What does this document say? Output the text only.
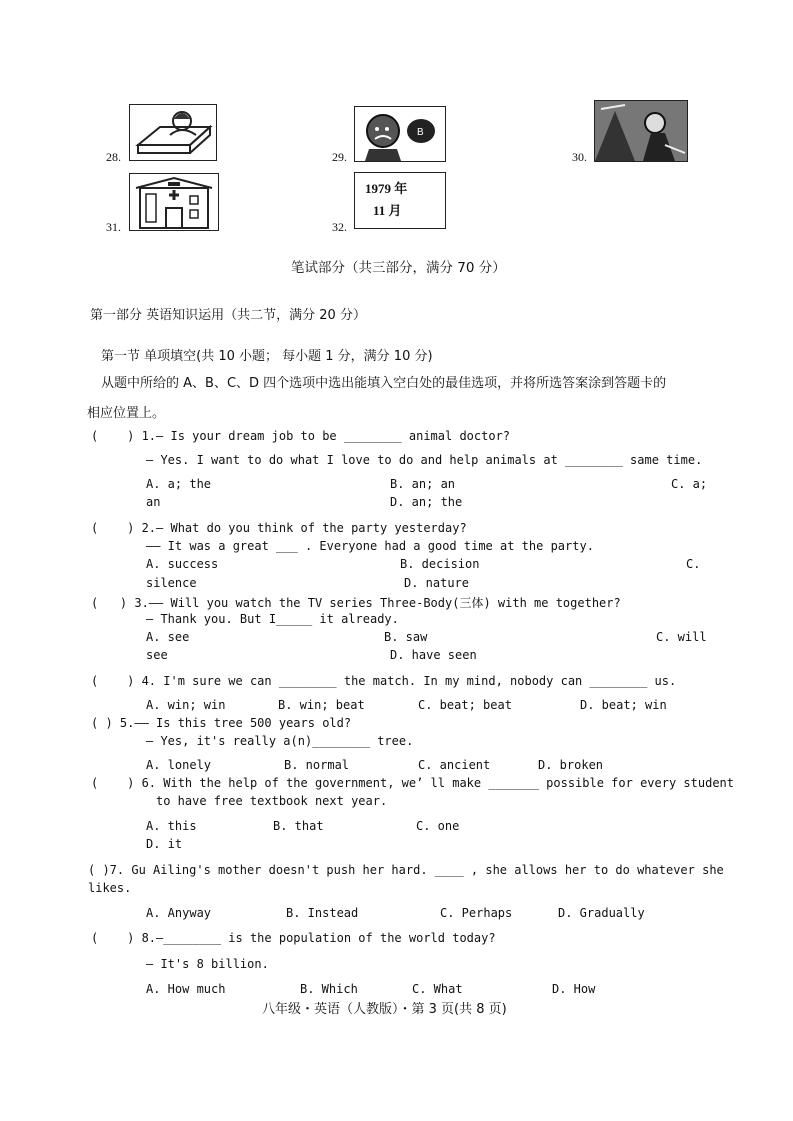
28.	29.
B
30.
31.	32.
1979 年
11 月
笔试部分（共三部分，满分 70 分）
第一部分 英语知识运用（共二节，满分 20 分）
第一节 单项填空(共 10 小题； 每小题 1 分，满分 10 分)
从题中所给的 A、B、C、D 四个选项中选出能填入空白处的最佳选项，并将所选答案涂到答题卡的
相应位置上。
(    ) 1.— Is your dream job to be ________ animal doctor?
— Yes. I want to do what I love to do and help animals at ________ same time.
A. a; the	B. an; an	C. a;
an	D. an; the
(    ) 2.— What do you think of the party yesterday?
—— It was a great ___ . Everyone had a good time at the party.
A. success	B. decision	C.
silence	D. nature
(   ) 3.—— Will you watch the TV series Three-Body(三体) with me together?
— Thank you. But I_____ it already.
A. see	B. saw	C. will
see	D. have seen
(    ) 4. I'm sure we can ________ the match. In my mind, nobody can ________ us.
A. win; win	B. win; beat	C. beat; beat	D. beat; win
( ) 5.—— Is this tree 500 years old?
— Yes, it's really a(n)________ tree.
A. lonely	B. normal	C. ancient	D. broken
(    ) 6. With the help of the government, we’ ll make _______ possible for every student
to have free textbook next year.
A. this	B. that	C. one
D. it
( )7. Gu Ailing's mother doesn't push her hard. ____ , she allows her to do whatever she
likes.
A. Anyway	B. Instead	C. Perhaps	D. Gradually
(    ) 8.—________ is the population of the world today?
— It's 8 billion.
A. How much	B. Which	C. What	D. How
八年级・英语（人教版）・第 3 页(共 8 页)
